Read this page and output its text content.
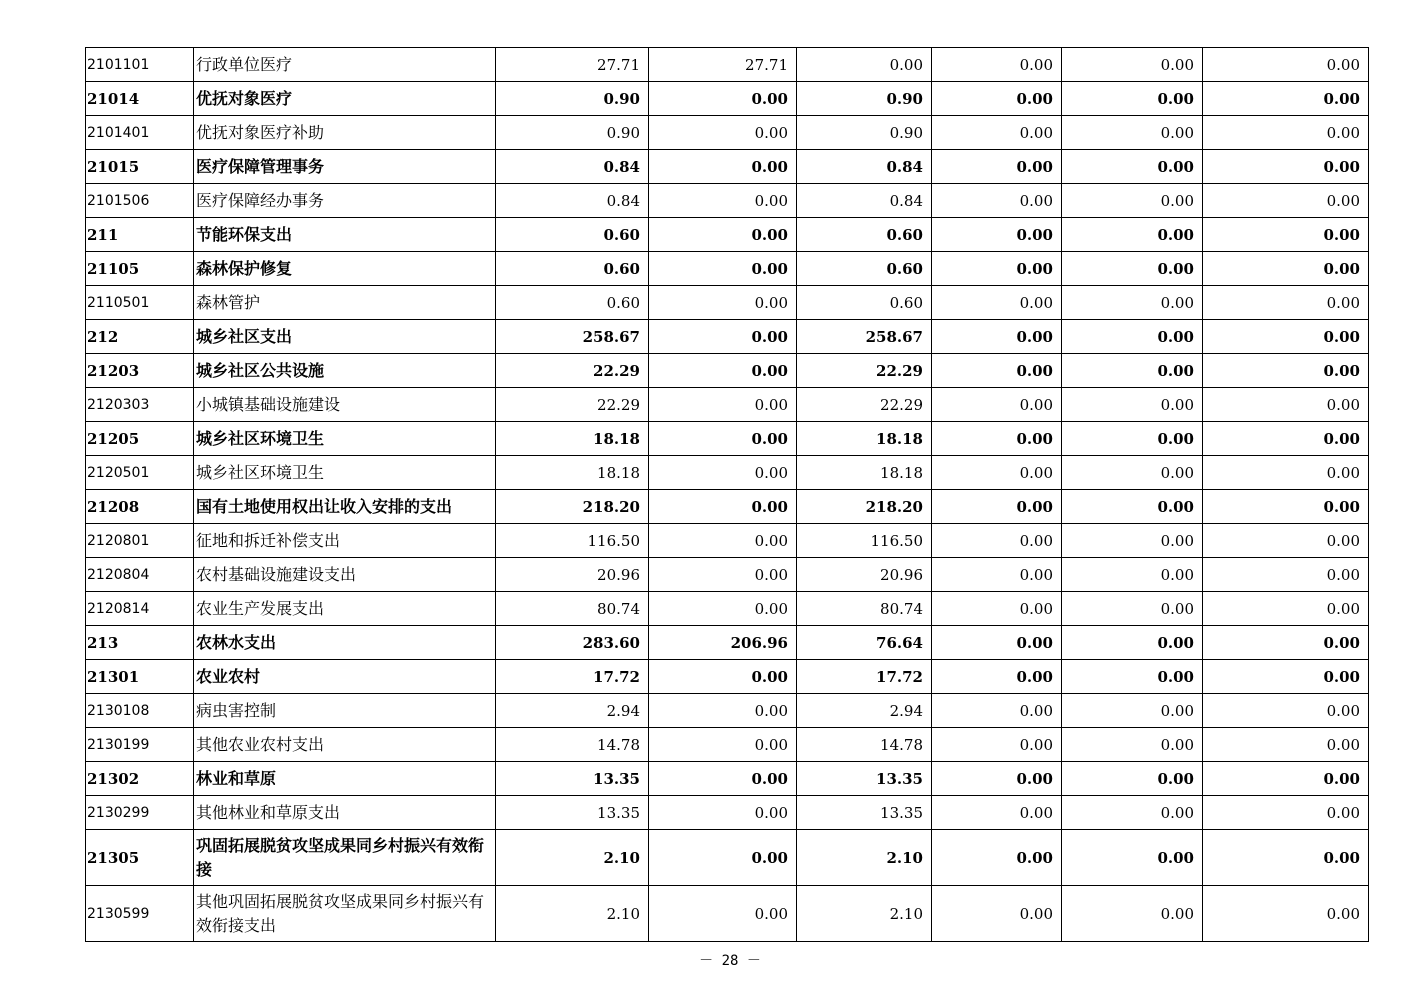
2101101	行政单位医疗	27.71	27.71	0.00	0.00	0.00	0.00
21014	优抚对象医疗	0.90	0.00	0.90	0.00	0.00	0.00
2101401	优抚对象医疗补助	0.90	0.00	0.90	0.00	0.00	0.00
21015	医疗保障管理事务	0.84	0.00	0.84	0.00	0.00	0.00
2101506	医疗保障经办事务	0.84	0.00	0.84	0.00	0.00	0.00
211	节能环保支出	0.60	0.00	0.60	0.00	0.00	0.00
21105	森林保护修复	0.60	0.00	0.60	0.00	0.00	0.00
2110501	森林管护	0.60	0.00	0.60	0.00	0.00	0.00
212	城乡社区支出	258.67	0.00	258.67	0.00	0.00	0.00
21203	城乡社区公共设施	22.29	0.00	22.29	0.00	0.00	0.00
2120303	小城镇基础设施建设	22.29	0.00	22.29	0.00	0.00	0.00
21205	城乡社区环境卫生	18.18	0.00	18.18	0.00	0.00	0.00
2120501	城乡社区环境卫生	18.18	0.00	18.18	0.00	0.00	0.00
21208	国有土地使用权出让收入安排的支出	218.20	0.00	218.20	0.00	0.00	0.00
2120801	征地和拆迁补偿支出	116.50	0.00	116.50	0.00	0.00	0.00
2120804	农村基础设施建设支出	20.96	0.00	20.96	0.00	0.00	0.00
2120814	农业生产发展支出	80.74	0.00	80.74	0.00	0.00	0.00
213	农林水支出	283.60	206.96	76.64	0.00	0.00	0.00
21301	农业农村	17.72	0.00	17.72	0.00	0.00	0.00
2130108	病虫害控制	2.94	0.00	2.94	0.00	0.00	0.00
2130199	其他农业农村支出	14.78	0.00	14.78	0.00	0.00	0.00
21302	林业和草原	13.35	0.00	13.35	0.00	0.00	0.00
2130299	其他林业和草原支出	13.35	0.00	13.35	0.00	0.00	0.00
21305	巩固拓展脱贫攻坚成果同乡村振兴有效衔接	2.10	0.00	2.10	0.00	0.00	0.00
2130599	其他巩固拓展脱贫攻坚成果同乡村振兴有效衔接支出	2.10	0.00	2.10	0.00	0.00	0.00
－ 28 －
